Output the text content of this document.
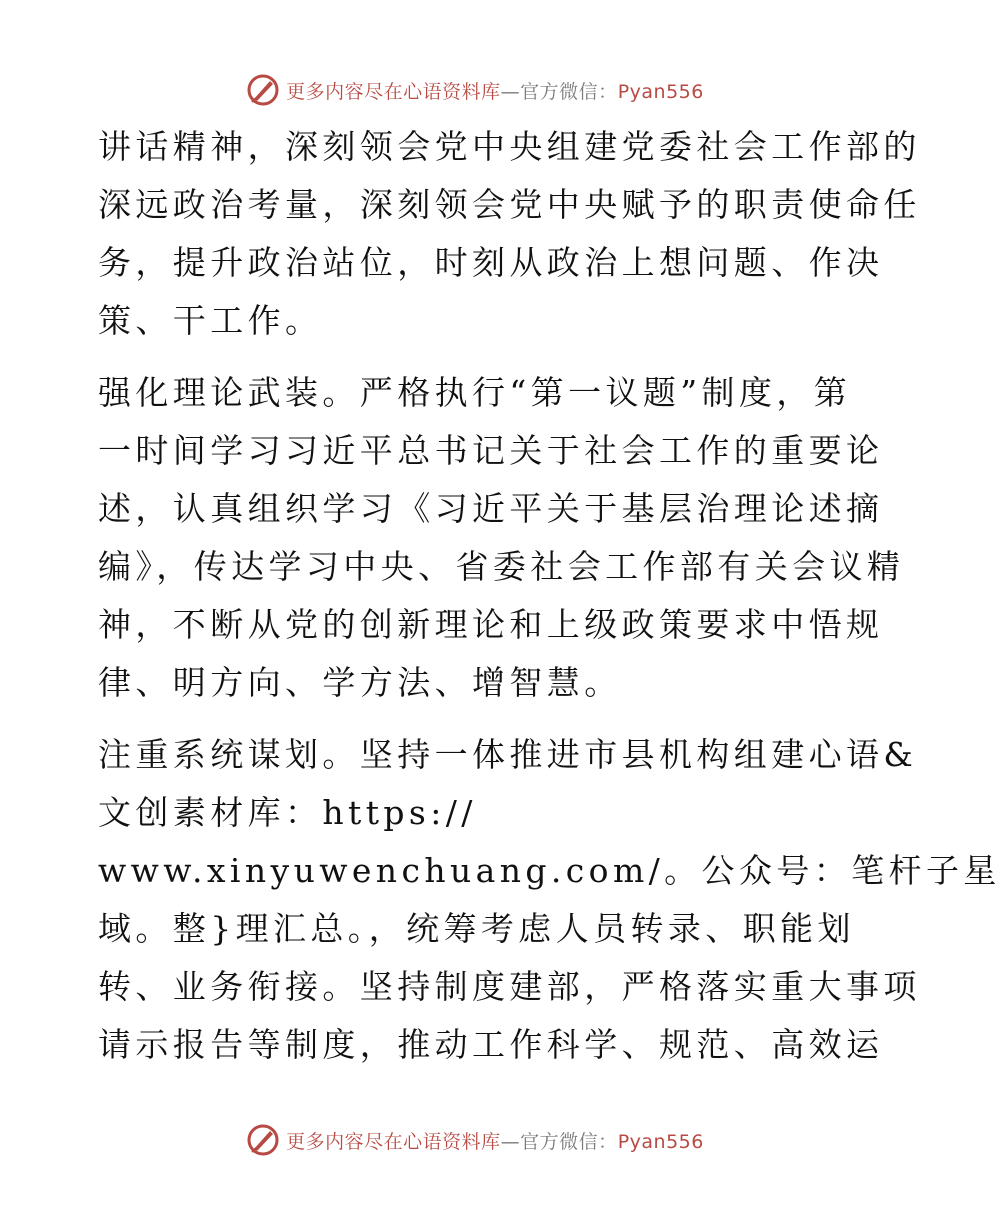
更多内容尽在心语资料库—官方微信：Pyan556
讲话精神，深刻领会党中央组建党委社会工作部的
深远政治考量，深刻领会党中央赋予的职责使命任
务，提升政治站位，时刻从政治上想问题、作决
策、干工作。
强化理论武装。严格执行“第一议题”制度，第
一时间学习习近平总书记关于社会工作的重要论
述，认真组织学习《习近平关于基层治理论述摘
编》，传达学习中央、省委社会工作部有关会议精
神，不断从党的创新理论和上级政策要求中悟规
律、明方向、学方法、增智慧。
注重系统谋划。坚持一体推进市县机构组建心语&
文创素材库：https://
www.xinyuwenchuang.com/。公众号：笔杆子星
域。整}理汇总。，统筹考虑人员转录、职能划
转、业务衔接。坚持制度建部，严格落实重大事项
请示报告等制度，推动工作科学、规范、高效运
更多内容尽在心语资料库—官方微信：Pyan556
